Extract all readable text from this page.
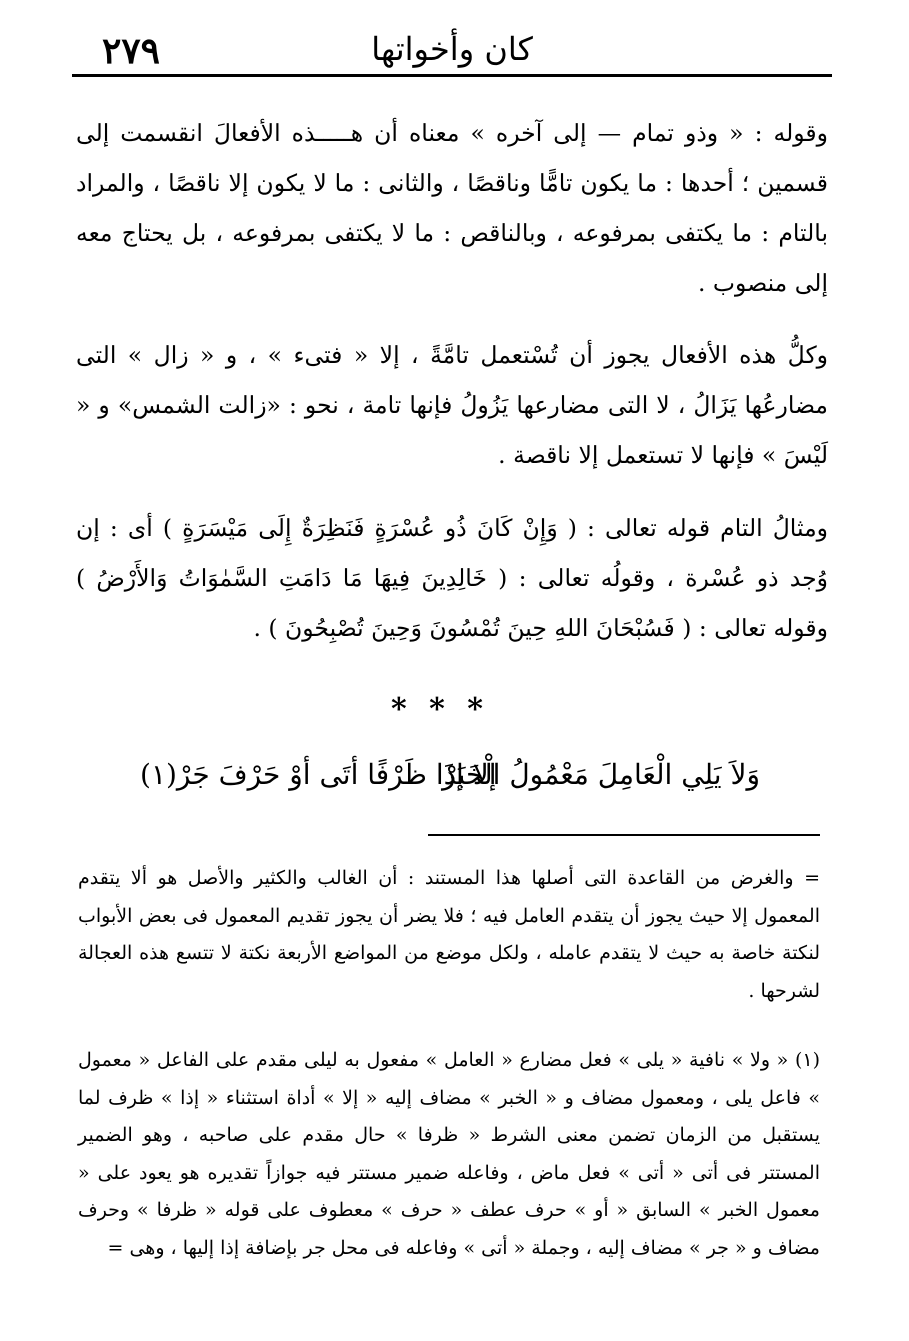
٢٧٩	كان وأخواتها

وقوله : « وذو تمام — إلى آخره » معناه أن هـــــذه الأفعالَ انقسمت إلى قسمين ؛ أحدها : ما يكون تامًّا وناقصًا ، والثانى : ما لا يكون إلا ناقصًا ، والمراد بالتام : ما يكتفى بمرفوعه ، وبالناقص : ما لا يكتفى بمرفوعه ، بل يحتاج معه إلى منصوب .

وكلُّ هذه الأفعال يجوز أن تُسْتعمل تامَّةً ، إلا « فتىء » ، و « زال » التى مضارعُها يَزَالُ ، لا التى مضارعها يَزُولُ فإنها تامة ، نحو : «زالت الشمس» و « لَيْسَ » فإنها لا تستعمل إلا ناقصة .

ومثالُ التام قوله تعالى : ( وَإِنْ كَانَ ذُو عُسْرَةٍ فَنَظِرَةٌ إِلَى مَيْسَرَةٍ ) أى : إن وُجد ذو عُسْرة ، وقولُه تعالى : ( خَالِدِينَ فِيهَا مَا دَامَتِ السَّمٰوَاتُ وَالأَرْضُ ) وقوله تعالى : ( فَسُبْحَانَ اللهِ حِينَ تُمْسُونَ وَحِينَ تُصْبِحُونَ ) .

* * *
وَلاَ يَلِي الْعَامِلَ مَعْمُولُ الْخَبَرْ
إلا إذَا ظَرْفًا أتَى أوْ حَرْفَ جَرْ(١)

= والغرض من القاعدة التى أصلها هذا المستند : أن الغالب والكثير والأصل هو ألا يتقدم المعمول إلا حيث يجوز أن يتقدم العامل فيه ؛ فلا يضر أن يجوز تقديم المعمول فى بعض الأبواب لنكتة خاصة به حيث لا يتقدم عامله ، ولكل موضع من المواضع الأربعة نكتة لا تتسع هذه العجالة لشرحها .

(١) « ولا » نافية « يلى » فعل مضارع « العامل » مفعول به ليلى مقدم على الفاعل « معمول » فاعل يلى ، ومعمول مضاف و « الخبر » مضاف إليه « إلا » أداة استثناء « إذا » ظرف لما يستقبل من الزمان تضمن معنى الشرط « ظرفا » حال مقدم على صاحبه ، وهو الضمير المستتر فى أتى « أتى » فعل ماض ، وفاعله ضمير مستتر فيه جوازاً تقديره هو يعود على « معمول الخبر » السابق « أو » حرف عطف « حرف » معطوف على قوله « ظرفا » وحرف مضاف و « جر » مضاف إليه ، وجملة « أتى » وفاعله فى محل جر بإضافة إذا إليها ، وهى =
